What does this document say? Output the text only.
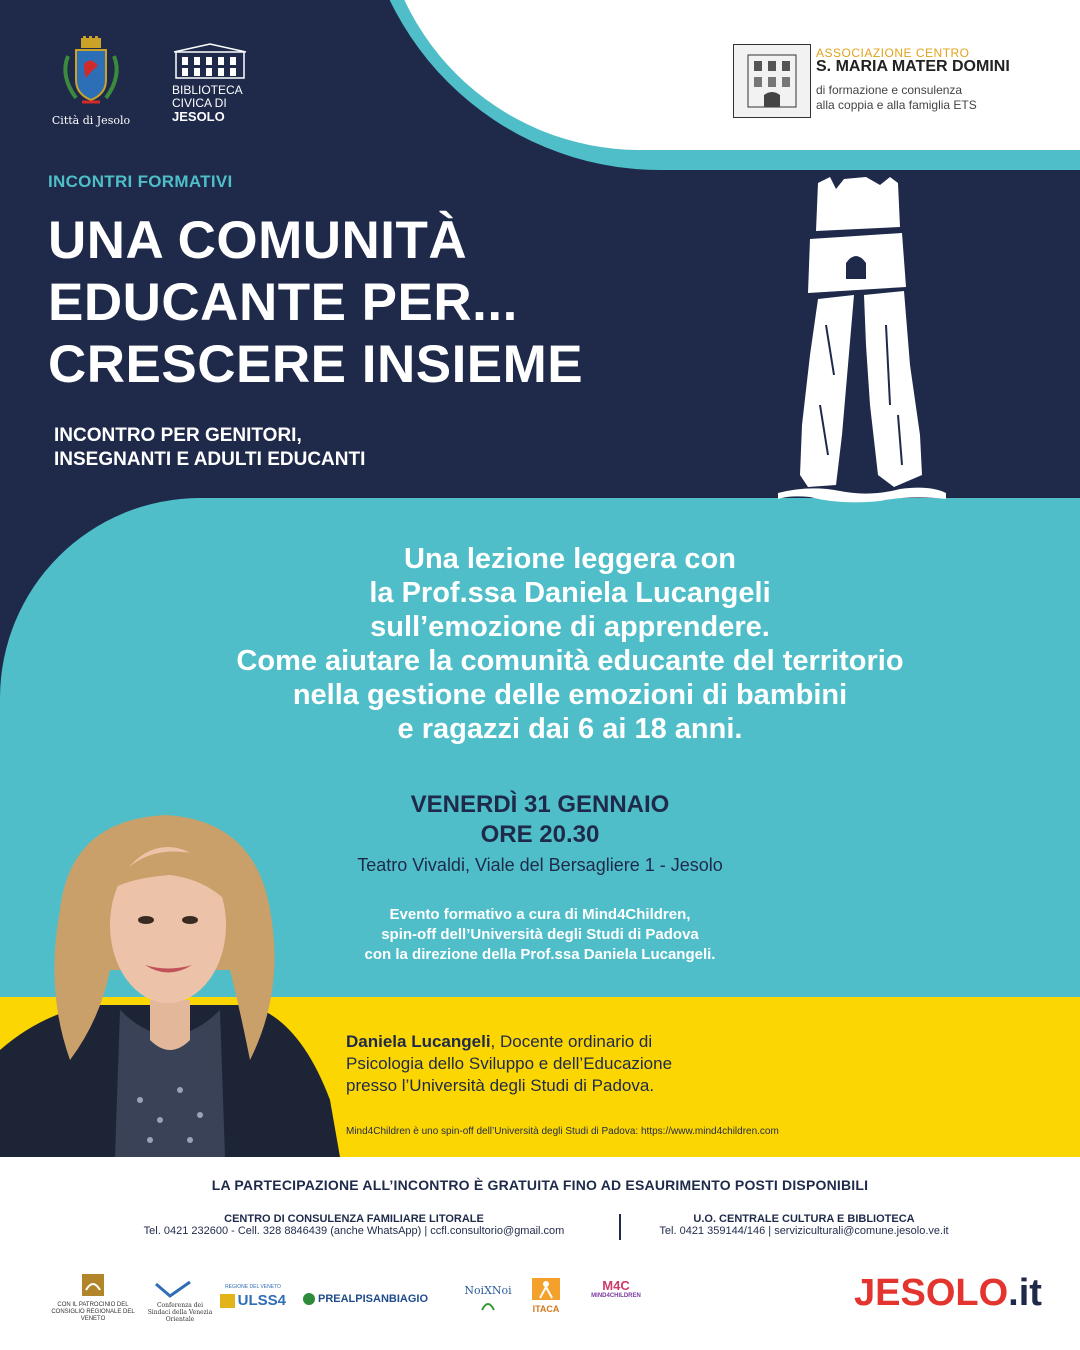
Città di Jesolo
BIBLIOTECA
CIVICA DI
JESOLO
ASSOCIAZIONE CENTRO
S. MARIA MATER DOMINI
di formazione e consulenza
alla coppia e alla famiglia ETS
INCONTRI FORMATIVI
UNA COMUNITÀ
EDUCANTE PER...
CRESCERE INSIEME
INCONTRO PER GENITORI,
INSEGNANTI E ADULTI EDUCANTI
Una lezione leggera con
la Prof.ssa Daniela Lucangeli
sull’emozione di apprendere.
Come aiutare la comunità educante del territorio
nella gestione delle emozioni di bambini
e ragazzi dai 6 ai 18 anni.
VENERDÌ 31 GENNAIO
ORE 20.30
Teatro Vivaldi, Viale del Bersagliere 1 - Jesolo
Evento formativo a cura di Mind4Children,
spin-off dell’Università degli Studi di Padova
con la direzione della Prof.ssa Daniela Lucangeli.
Daniela Lucangeli, Docente ordinario di
Psicologia dello Sviluppo e dell’Educazione
presso l’Università degli Studi di Padova.
Mind4Children è uno spin-off dell’Università degli Studi di Padova: https://www.mind4children.com
LA PARTECIPAZIONE ALL’INCONTRO È GRATUITA FINO AD ESAURIMENTO POSTI DISPONIBILI
CENTRO DI CONSULENZA FAMILIARE LITORALE
Tel. 0421 232600 - Cell. 328 8846439 (anche WhatsApp) | ccfl.consultorio@gmail.com
U.O. CENTRALE CULTURA E BIBLIOTECA
Tel. 0421 359144/146 | servizicultura​li@comune.jesolo.ve.it
CON IL PATROCINIO DEL CONSIGLIO REGIONALE DEL VENETO
Conferenza dei Sindaci della Venezia Orientale
REGIONE DEL VENETO
ULSS4	PREALPISANBIAGIO
NoiXNoi
ITACA
M4C
MIND4CHILDREN	JESOLO.it
